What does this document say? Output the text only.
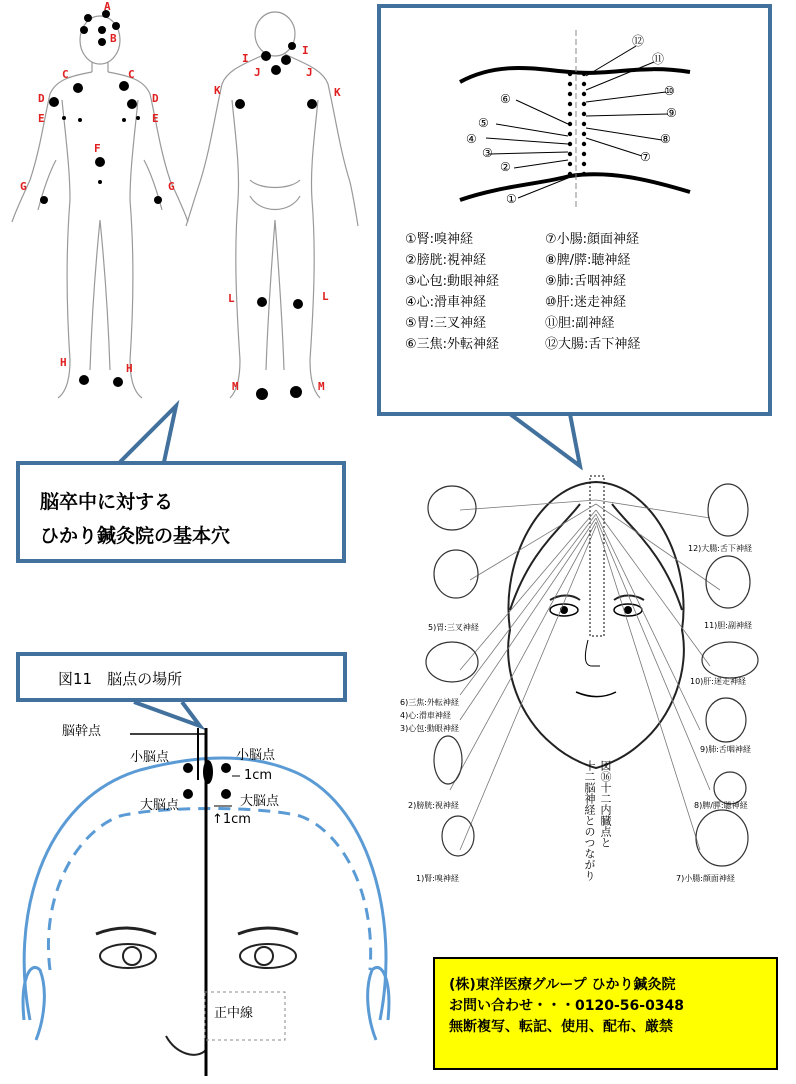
A
B
C	C
D	D
E	E
F
G	G
H	H
I
I
J	J
K	K
L	L
M	M
脳卒中に対する
ひかり鍼灸院の基本穴
⑫
⑪
⑩
⑨
⑧
⑦
⑥
⑤
④
③
②
①
①腎:嗅神経
②膀胱:視神経
③心包:動眼神経
④心:滑車神経
⑤胃:三叉神経
⑥三焦:外転神経
⑦小腸:顔面神経
⑧脾/膵:聴神経
⑨肺:舌咽神経
⑩肝:迷走神経
⑪胆:副神経
⑫大腸:舌下神経
12)大腸:舌下神経
5)胃:三叉神経	11)胆:副神経
10)肝:迷走神経
6)三焦:外転神経
4)心:滑車神経
3)心包:動眼神経
9)肺:舌咽神経
2)膀胱:視神経	8)脾/膵:聴神経
1)腎:嗅神経	7)小腸:顔面神経
図⑯十二内臓点と
十二脳神経とのつながり
図11　脳点の場所
脳幹点
小脳点	小脳点
大脳点	大脳点
1cm
↑1cm
正中線
(株)東洋医療グループ ひかり鍼灸院
お問い合わせ・・・0120-56-0348
無断複写、転記、使用、配布、厳禁
